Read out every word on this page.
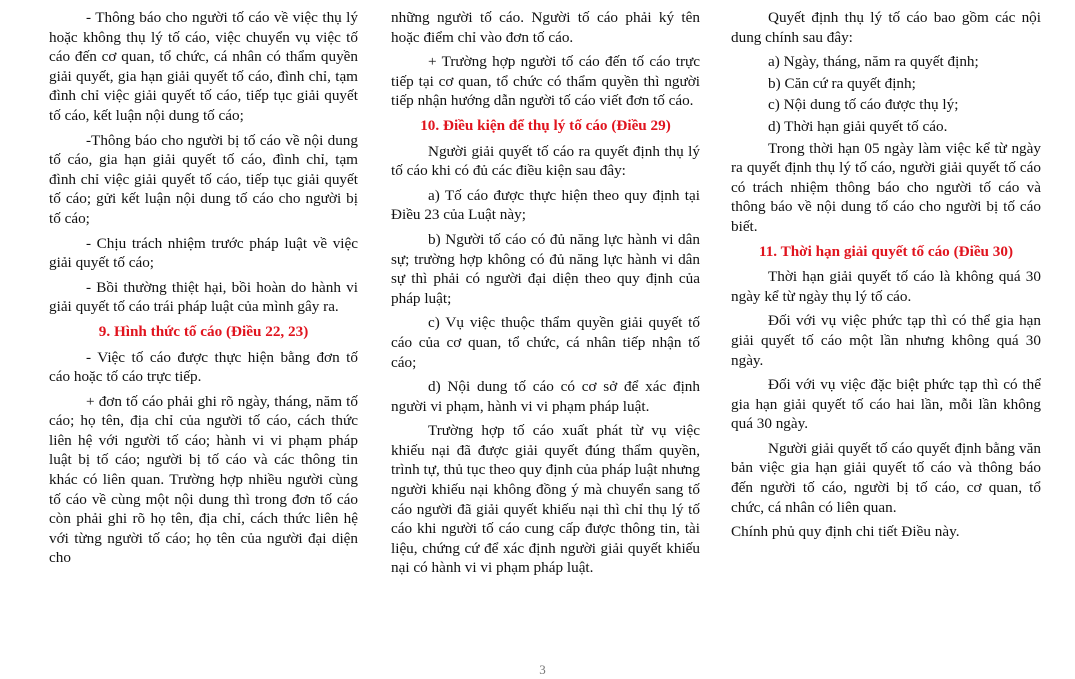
- Thông báo cho người tố cáo về việc thụ lý hoặc không thụ lý tố cáo, việc chuyển vụ việc tố cáo đến cơ quan, tổ chức, cá nhân có thẩm quyền giải quyết, gia hạn giải quyết tố cáo, đình chỉ, tạm đình chỉ việc giải quyết tố cáo, tiếp tục giải quyết tố cáo, kết luận nội dung tố cáo;

-Thông báo cho người bị tố cáo về nội dung tố cáo, gia hạn giải quyết tố cáo, đình chỉ, tạm đình chỉ việc giải quyết tố cáo, tiếp tục giải quyết tố cáo; gửi kết luận nội dung tố cáo cho người bị tố cáo;

- Chịu trách nhiệm trước pháp luật về việc giải quyết tố cáo;

- Bồi thường thiệt hại, bồi hoàn do hành vi giải quyết tố cáo trái pháp luật của mình gây ra.

9. Hình thức tố cáo (Điều 22, 23)

- Việc tố cáo được thực hiện bằng đơn tố cáo hoặc tố cáo trực tiếp.

+ đơn tố cáo phải ghi rõ ngày, tháng, năm tố cáo; họ tên, địa chỉ của người tố cáo, cách thức liên hệ với người tố cáo; hành vi vi phạm pháp luật bị tố cáo; người bị tố cáo và các thông tin khác có liên quan. Trường hợp nhiều người cùng tố cáo về cùng một nội dung thì trong đơn tố cáo còn phải ghi rõ họ tên, địa chỉ, cách thức liên hệ với từng người tố cáo; họ tên của người đại diện cho

những người tố cáo. Người tố cáo phải ký tên hoặc điểm chỉ vào đơn tố cáo.

+ Trường hợp người tố cáo đến tố cáo trực tiếp tại cơ quan, tổ chức có thẩm quyền thì người tiếp nhận hướng dẫn người tố cáo viết đơn tố cáo.

10. Điều kiện để thụ lý tố cáo (Điều 29)

Người giải quyết tố cáo ra quyết định thụ lý tố cáo khi có đủ các điều kiện sau đây:

a) Tố cáo được thực hiện theo quy định tại Điều 23 của Luật này;

b) Người tố cáo có đủ năng lực hành vi dân sự; trường hợp không có đủ năng lực hành vi dân sự thì phải có người đại diện theo quy định của pháp luật;

c) Vụ việc thuộc thẩm quyền giải quyết tố cáo của cơ quan, tổ chức, cá nhân tiếp nhận tố cáo;

d) Nội dung tố cáo có cơ sở để xác định người vi phạm, hành vi vi phạm pháp luật.

Trường hợp tố cáo xuất phát từ vụ việc khiếu nại đã được giải quyết đúng thẩm quyền, trình tự, thủ tục theo quy định của pháp luật nhưng người khiếu nại không đồng ý mà chuyển sang tố cáo người đã giải quyết khiếu nại thì chỉ thụ lý tố cáo khi người tố cáo cung cấp được thông tin, tài liệu, chứng cứ để xác định người giải quyết khiếu nại có hành vi vi phạm pháp luật.

Quyết định thụ lý tố cáo bao gồm các nội dung chính sau đây:

a) Ngày, tháng, năm ra quyết định;

b) Căn cứ ra quyết định;

c) Nội dung tố cáo được thụ lý;

d) Thời hạn giải quyết tố cáo.

Trong thời hạn 05 ngày làm việc kể từ ngày ra quyết định thụ lý tố cáo, người giải quyết tố cáo có trách nhiệm thông báo cho người tố cáo và thông báo về nội dung tố cáo cho người bị tố cáo biết.

11. Thời hạn giải quyết tố cáo (Điều 30)

Thời hạn giải quyết tố cáo là không quá 30 ngày kể từ ngày thụ lý tố cáo.

Đối với vụ việc phức tạp thì có thể gia hạn giải quyết tố cáo một lần nhưng không quá 30 ngày.

Đối với vụ việc đặc biệt phức tạp thì có thể gia hạn giải quyết tố cáo hai lần, mỗi lần không quá 30 ngày.

Người giải quyết tố cáo quyết định bằng văn bản việc gia hạn giải quyết tố cáo và thông báo đến người tố cáo, người bị tố cáo, cơ quan, tổ chức, cá nhân có liên quan.

Chính phủ quy định chi tiết Điều này.

3
